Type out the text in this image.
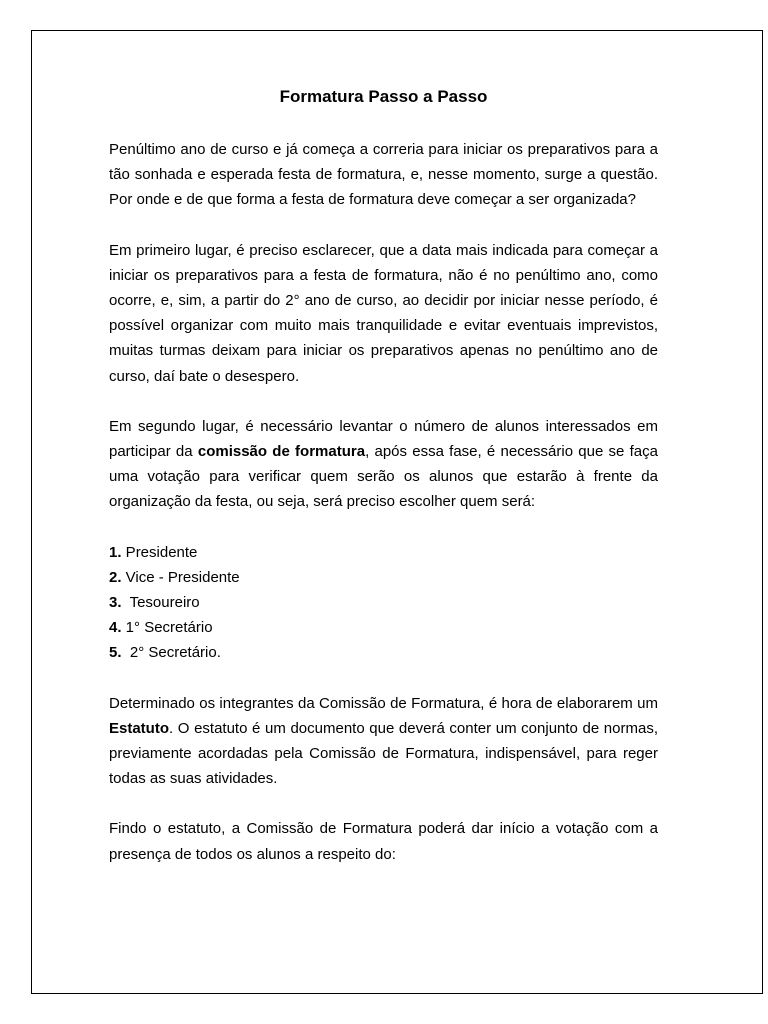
Formatura Passo a Passo

Penúltimo ano de curso e já começa a correria para iniciar os preparativos para a tão sonhada e esperada festa de formatura, e, nesse momento, surge a questão. Por onde e de que forma a festa de formatura deve começar a ser organizada?

Em primeiro lugar, é preciso esclarecer, que a data mais indicada para começar a iniciar os preparativos para a festa de formatura, não é no penúltimo ano, como ocorre, e, sim, a partir do 2° ano de curso, ao decidir por iniciar nesse período, é possível organizar com muito mais tranquilidade e evitar eventuais imprevistos, muitas turmas deixam para iniciar os preparativos apenas no penúltimo ano de curso, daí bate o desespero.

Em segundo lugar, é necessário levantar o número de alunos interessados em participar da comissão de formatura, após essa fase, é necessário que se faça uma votação para verificar quem serão os alunos que estarão à frente da organização da festa, ou seja, será preciso escolher quem será:

1. Presidente
2. Vice - Presidente
3.  Tesoureiro
4. 1° Secretário
5.  2° Secretário.

Determinado os integrantes da Comissão de Formatura, é hora de elaborarem um Estatuto. O estatuto é um documento que deverá conter um conjunto de normas, previamente acordadas pela Comissão de Formatura, indispensável, para reger todas as suas atividades.

Findo o estatuto, a Comissão de Formatura poderá dar início a votação com a presença de todos os alunos a respeito do:
